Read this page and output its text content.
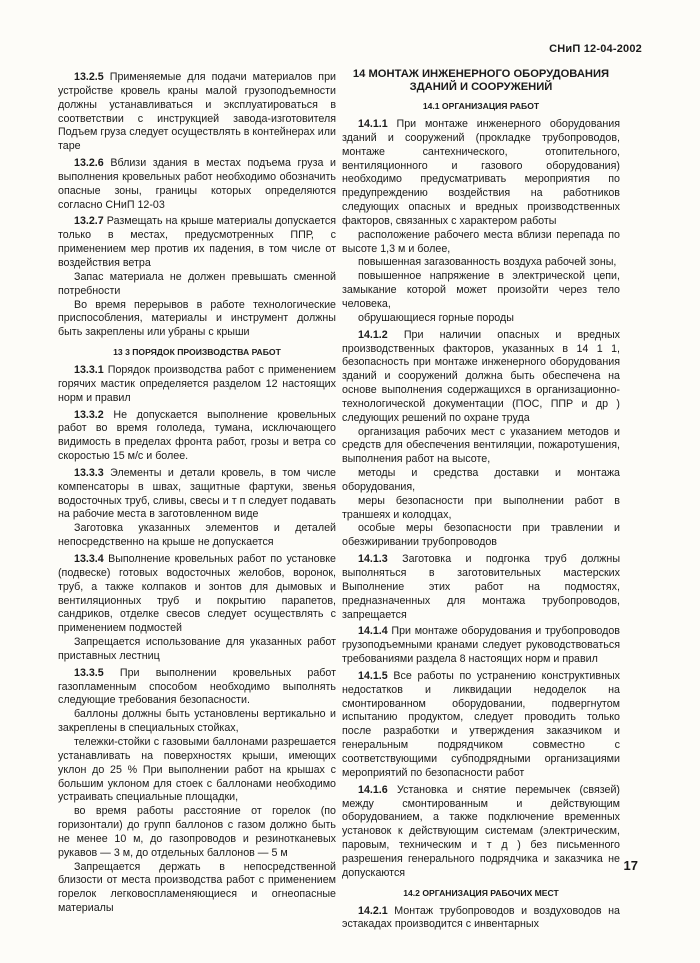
СНиП 12-04-2002

13.2.5 Применяемые для подачи материалов при устройстве кровель краны малой грузоподъемности должны устанавливаться и эксплуатироваться в соответствии с инструкцией завода-изготовителя Подъем груза следует осуществлять в контейнерах или таре

13.2.6 Вблизи здания в местах подъема груза и выполнения кровельных работ необходимо обозначить опасные зоны, границы которых определяются согласно СНиП 12-03

13.2.7 Размещать на крыше материалы допускается только в местах, предусмотренных ППР, с применением мер против их падения, в том числе от воздействия ветра

Запас материала не должен превышать сменной потребности

Во время перерывов в работе технологические приспособления, материалы и инструмент должны быть закреплены или убраны с крыши

13 3 ПОРЯДОК ПРОИЗВОДСТВА РАБОТ

13.3.1 Порядок производства работ с применением горячих мастик определяется разделом 12 настоящих норм и правил

13.3.2 Не допускается выполнение кровельных работ во время гололеда, тумана, исключающего видимость в пределах фронта работ, грозы и ветра со скоростью 15 м/с и более.

13.3.3 Элементы и детали кровель, в том числе компенсаторы в швах, защитные фартуки, звенья водосточных труб, сливы, свесы и т п следует подавать на рабочие места в заготовленном виде

Заготовка указанных элементов и деталей непосредственно на крыше не допускается

13.3.4 Выполнение кровельных работ по установке (подвеске) готовых водосточных желобов, воронок, труб, а также колпаков и зонтов для дымовых и вентиляционных труб и покрытию парапетов, сандриков, отделке свесов следует осуществлять с применением подмостей

Запрещается использование для указанных работ приставных лестниц

13.3.5 При выполнении кровельных работ газопламенным способом необходимо выполнять следующие требования безопасности.

баллоны должны быть установлены вертикально и закреплены в специальных стойках,

тележки-стойки с газовыми баллонами разрешается устанавливать на поверхностях крыши, имеющих уклон до 25 % При выполнении работ на крышах с большим уклоном для стоек с баллонами необходимо устраивать специальные площадки,

во время работы расстояние от горелок (по горизонтали) до групп баллонов с газом должно быть не менее 10 м, до газопроводов и резинотканевых рукавов — 3 м, до отдельных баллонов — 5 м

Запрещается держать в непосредственной близости от места производства работ с применением горелок легковоспламеняющиеся и огнеопасные материалы

14 МОНТАЖ ИНЖЕНЕРНОГО ОБОРУДОВАНИЯ ЗДАНИЙ И СООРУЖЕНИЙ
14.1 ОРГАНИЗАЦИЯ РАБОТ

14.1.1 При монтаже инженерного оборудования зданий и сооружений (прокладке трубопроводов, монтаже сантехнического, отопительного, вентиляционного и газового оборудования) необходимо предусматривать мероприятия по предупреждению воздействия на работников следующих опасных и вредных производственных факторов, связанных с характером работы

расположение рабочего места вблизи перепада по высоте 1,3 м и более,

повышенная загазованность воздуха рабочей зоны,

повышенное напряжение в электрической цепи, замыкание которой может произойти через тело человека,

обрушающиеся горные породы

14.1.2 При наличии опасных и вредных производственных факторов, указанных в 14 1 1, безопасность при монтаже инженерного оборудования зданий и сооружений должна быть обеспечена на основе выполнения содержащихся в организационно-технологической документации (ПОС, ППР и др ) следующих решений по охране труда

организация рабочих мест с указанием методов и средств для обеспечения вентиляции, пожаротушения, выполнения работ на высоте,

методы и средства доставки и монтажа оборудования,

меры безопасности при выполнении работ в траншеях и колодцах,

особые меры безопасности при травлении и обезжиривании трубопроводов

14.1.3 Заготовка и подгонка труб должны выполняться в заготовительных мастерских Выполнение этих работ на подмостях, предназначенных для монтажа трубопроводов, запрещается

14.1.4 При монтаже оборудования и трубопроводов грузоподъемными кранами следует руководствоваться требованиями раздела 8 настоящих норм и правил

14.1.5 Все работы по устранению конструктивных недостатков и ликвидации недоделок на смонтированном оборудовании, подвергнутом испытанию продуктом, следует проводить только после разработки и утверждения заказчиком и генеральным подрядчиком совместно с соответствующими субподрядными организациями мероприятий по безопасности работ

14.1.6 Установка и снятие перемычек (связей) между смонтированным и действующим оборудованием, а также подключение временных установок к действующим системам (электрическим, паровым, техническим и т д ) без письменного разрешения генерального подрядчика и заказчика не допускаются

14.2 ОРГАНИЗАЦИЯ РАБОЧИХ МЕСТ

14.2.1 Монтаж трубопроводов и воздуховодов на эстакадах производится с инвентарных

17
